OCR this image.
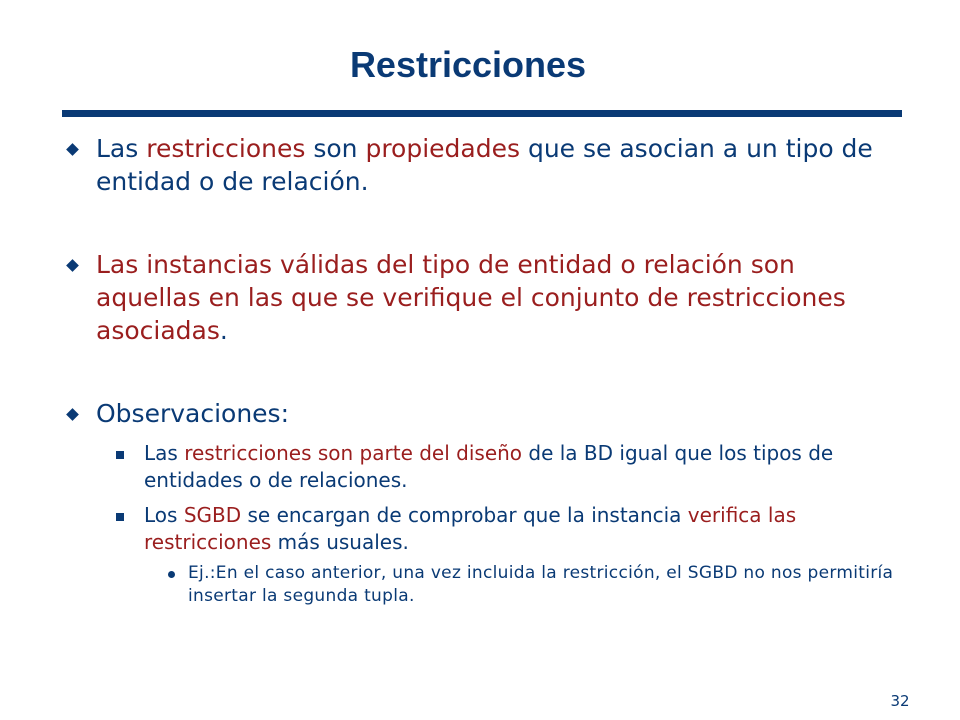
Restricciones
Las restricciones son propiedades que se asocian a un tipo de entidad o de relación.
Las instancias válidas del tipo de entidad o relación son aquellas en las que se verifique el conjunto de restricciones asociadas.
Observaciones:
Las restricciones son parte del diseño de la BD igual que los tipos de entidades o de relaciones.
Los SGBD se encargan de comprobar que la instancia verifica las restricciones más usuales.
Ej.:En el caso anterior, una vez incluida la restricción, el SGBD no nos permitiría insertar la segunda tupla.
32
